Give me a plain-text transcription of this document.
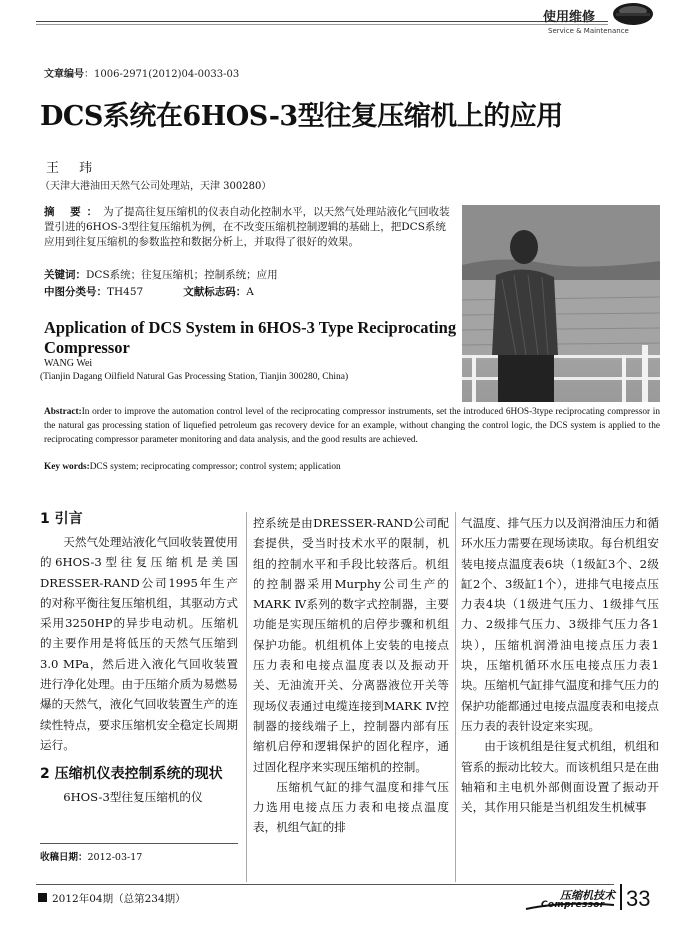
使用维修
Service & Maintenance
文章编号：1006-2971(2012)04-0033-03
DCS系统在6HOS-3型往复压缩机上的应用
王 玮
（天津大港油田天然气公司处理站，天津 300280）
摘 要：为了提高往复压缩机的仪表自动化控制水平，以天然气处理站液化气回收装置引进的6HOS-3型往复压缩机为例，在不改变压缩机控制逻辑的基础上，把DCS系统应用到往复压缩机的参数监控和数据分析上，并取得了很好的效果。
关键词：DCS系统；往复压缩机；控制系统；应用
中图分类号：TH457	文献标志码：A
Application of DCS System in 6HOS-3 Type Reciprocating Compressor
WANG Wei
(Tianjin Dagang Oilfield Natural Gas Processing Station, Tianjin 300280, China)
Abstract:In order to improve the automation control level of the reciprocating compressor instruments, set the introduced 6HOS-3type reciprocating compressor in the natural gas processing station of liquefied petroleum gas recovery device for an example, without changing the control logic, the DCS system is applied to the reciprocating compressor parameter monitoring and data analysis, and the good results are achieved.
Key words:DCS system; reciprocating compressor; control system; application
1 引言
天然气处理站液化气回收装置使用的6HOS-3型往复压缩机是美国DRESSER-RAND公司1995年生产的对称平衡往复压缩机组，其驱动方式采用3250HP的异步电动机。压缩机的主要作用是将低压的天然气压缩到3.0 MPa，然后进入液化气回收装置进行净化处理。由于压缩介质为易燃易爆的天然气，液化气回收装置生产的连续性特点，要求压缩机安全稳定长周期运行。
2 压缩机仪表控制系统的现状
6HOS-3型往复压缩机的仪
控系统是由DRESSER-RAND公司配套提供，受当时技术水平的限制，机组的控制水平和手段比较落后。机组的控制器采用Murphy公司生产的MARK Ⅳ系列的数字式控制器，主要功能是实现压缩机的启停步骤和机组保护功能。机组机体上安装的电接点压力表和电接点温度表以及振动开关、无油流开关、分离器液位开关等现场仪表通过电缆连接到MARK Ⅳ控制器的接线端子上，控制器内部有压缩机启停和逻辑保护的固化程序，通过固化程序来实现压缩机的控制。
压缩机气缸的排气温度和排气压力选用电接点压力表和电接点温度表，机组气缸的排
气温度、排气压力以及润滑油压力和循环水压力需要在现场读取。每台机组安装电接点温度表6块（1级缸3个、2级缸2个、3级缸1个），进排气电接点压力表4块（1级进气压力、1级排气压力、2级排气压力、3级排气压力各1块），压缩机润滑油电接点压力表1块，压缩机循环水压电接点压力表1块。压缩机气缸排气温度和排气压力的保护功能都通过电接点温度表和电接点压力表的表针设定来实现。
由于该机组是往复式机组，机组和管系的振动比较大。而该机组只是在曲轴箱和主电机外部侧面设置了振动开关，其作用只能是当机组发生机械事
收稿日期：2012-03-17
2012年04期（总第234期）	压缩机技术
Compressor 33
